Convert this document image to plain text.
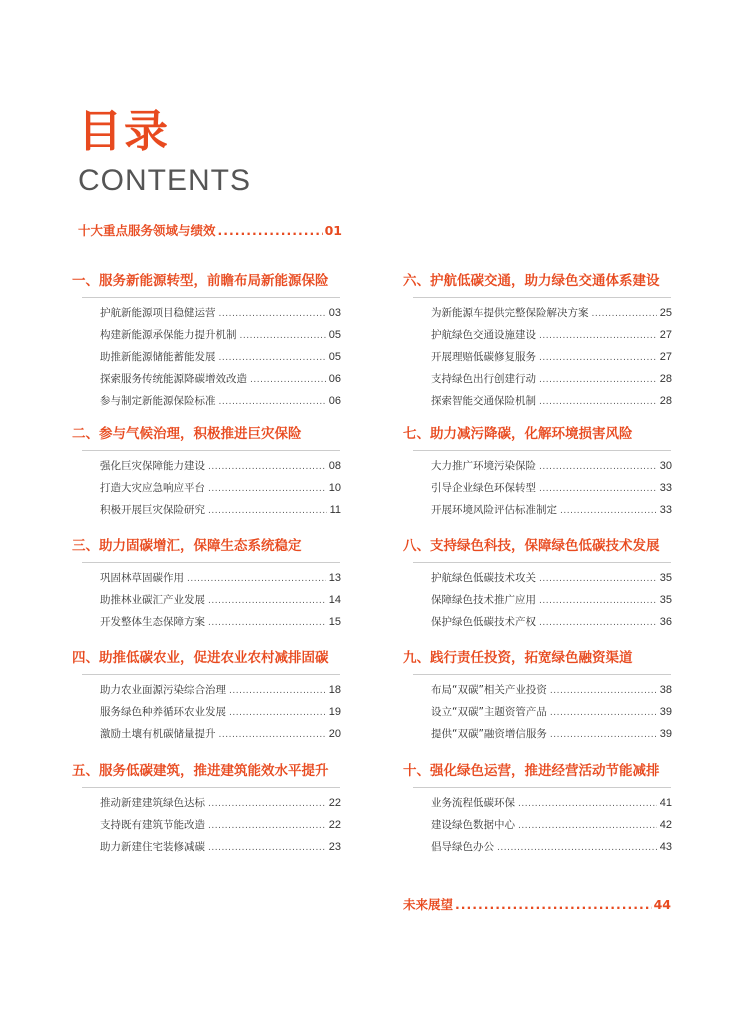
目录
CONTENTS
十大重点服务领域与绩效 .....	01
一、服务新能源转型，前瞻布局新能源保险
护航新能源项目稳健运营 .....	03
构建新能源承保能力提升机制 .....	05
助推新能源储能蓄能发展 .....	05
探索服务传统能源降碳增效改造 .....	06
参与制定新能源保险标准 .....	06
二、参与气候治理，积极推进巨灾保险
强化巨灾保障能力建设 .....	08
打造大灾应急响应平台 .....	10
积极开展巨灾保险研究 .....	11
三、助力固碳增汇，保障生态系统稳定
巩固林草固碳作用 .....	13
助推林业碳汇产业发展 .....	14
开发整体生态保障方案 .....	15
四、助推低碳农业，促进农业农村减排固碳
助力农业面源污染综合治理 .....	18
服务绿色种养循环农业发展 .....	19
激励土壤有机碳储量提升 .....	20
五、服务低碳建筑，推进建筑能效水平提升
推动新建建筑绿色达标 .....	22
支持既有建筑节能改造 .....	22
助力新建住宅装修减碳 .....	23
六、护航低碳交通，助力绿色交通体系建设
为新能源车提供完整保险解决方案 .....	25
护航绿色交通设施建设 .....	27
开展理赔低碳修复服务 .....	27
支持绿色出行创建行动 .....	28
探索智能交通保险机制 .....	28
七、助力减污降碳，化解环境损害风险
大力推广环境污染保险 .....	30
引导企业绿色环保转型 .....	33
开展环境风险评估标准制定 .....	33
八、支持绿色科技，保障绿色低碳技术发展
护航绿色低碳技术攻关 .....	35
保障绿色技术推广应用 .....	35
保护绿色低碳技术产权 .....	36
九、践行责任投资，拓宽绿色融资渠道
布局“双碳”相关产业投资 .....	38
设立“双碳”主题资管产品 .....	39
提供“双碳”融资增信服务 .....	39
十、强化绿色运营，推进经营活动节能减排
业务流程低碳环保 .....	41
建设绿色数据中心 .....	42
倡导绿色办公 .....	43
未来展望 .....	44
